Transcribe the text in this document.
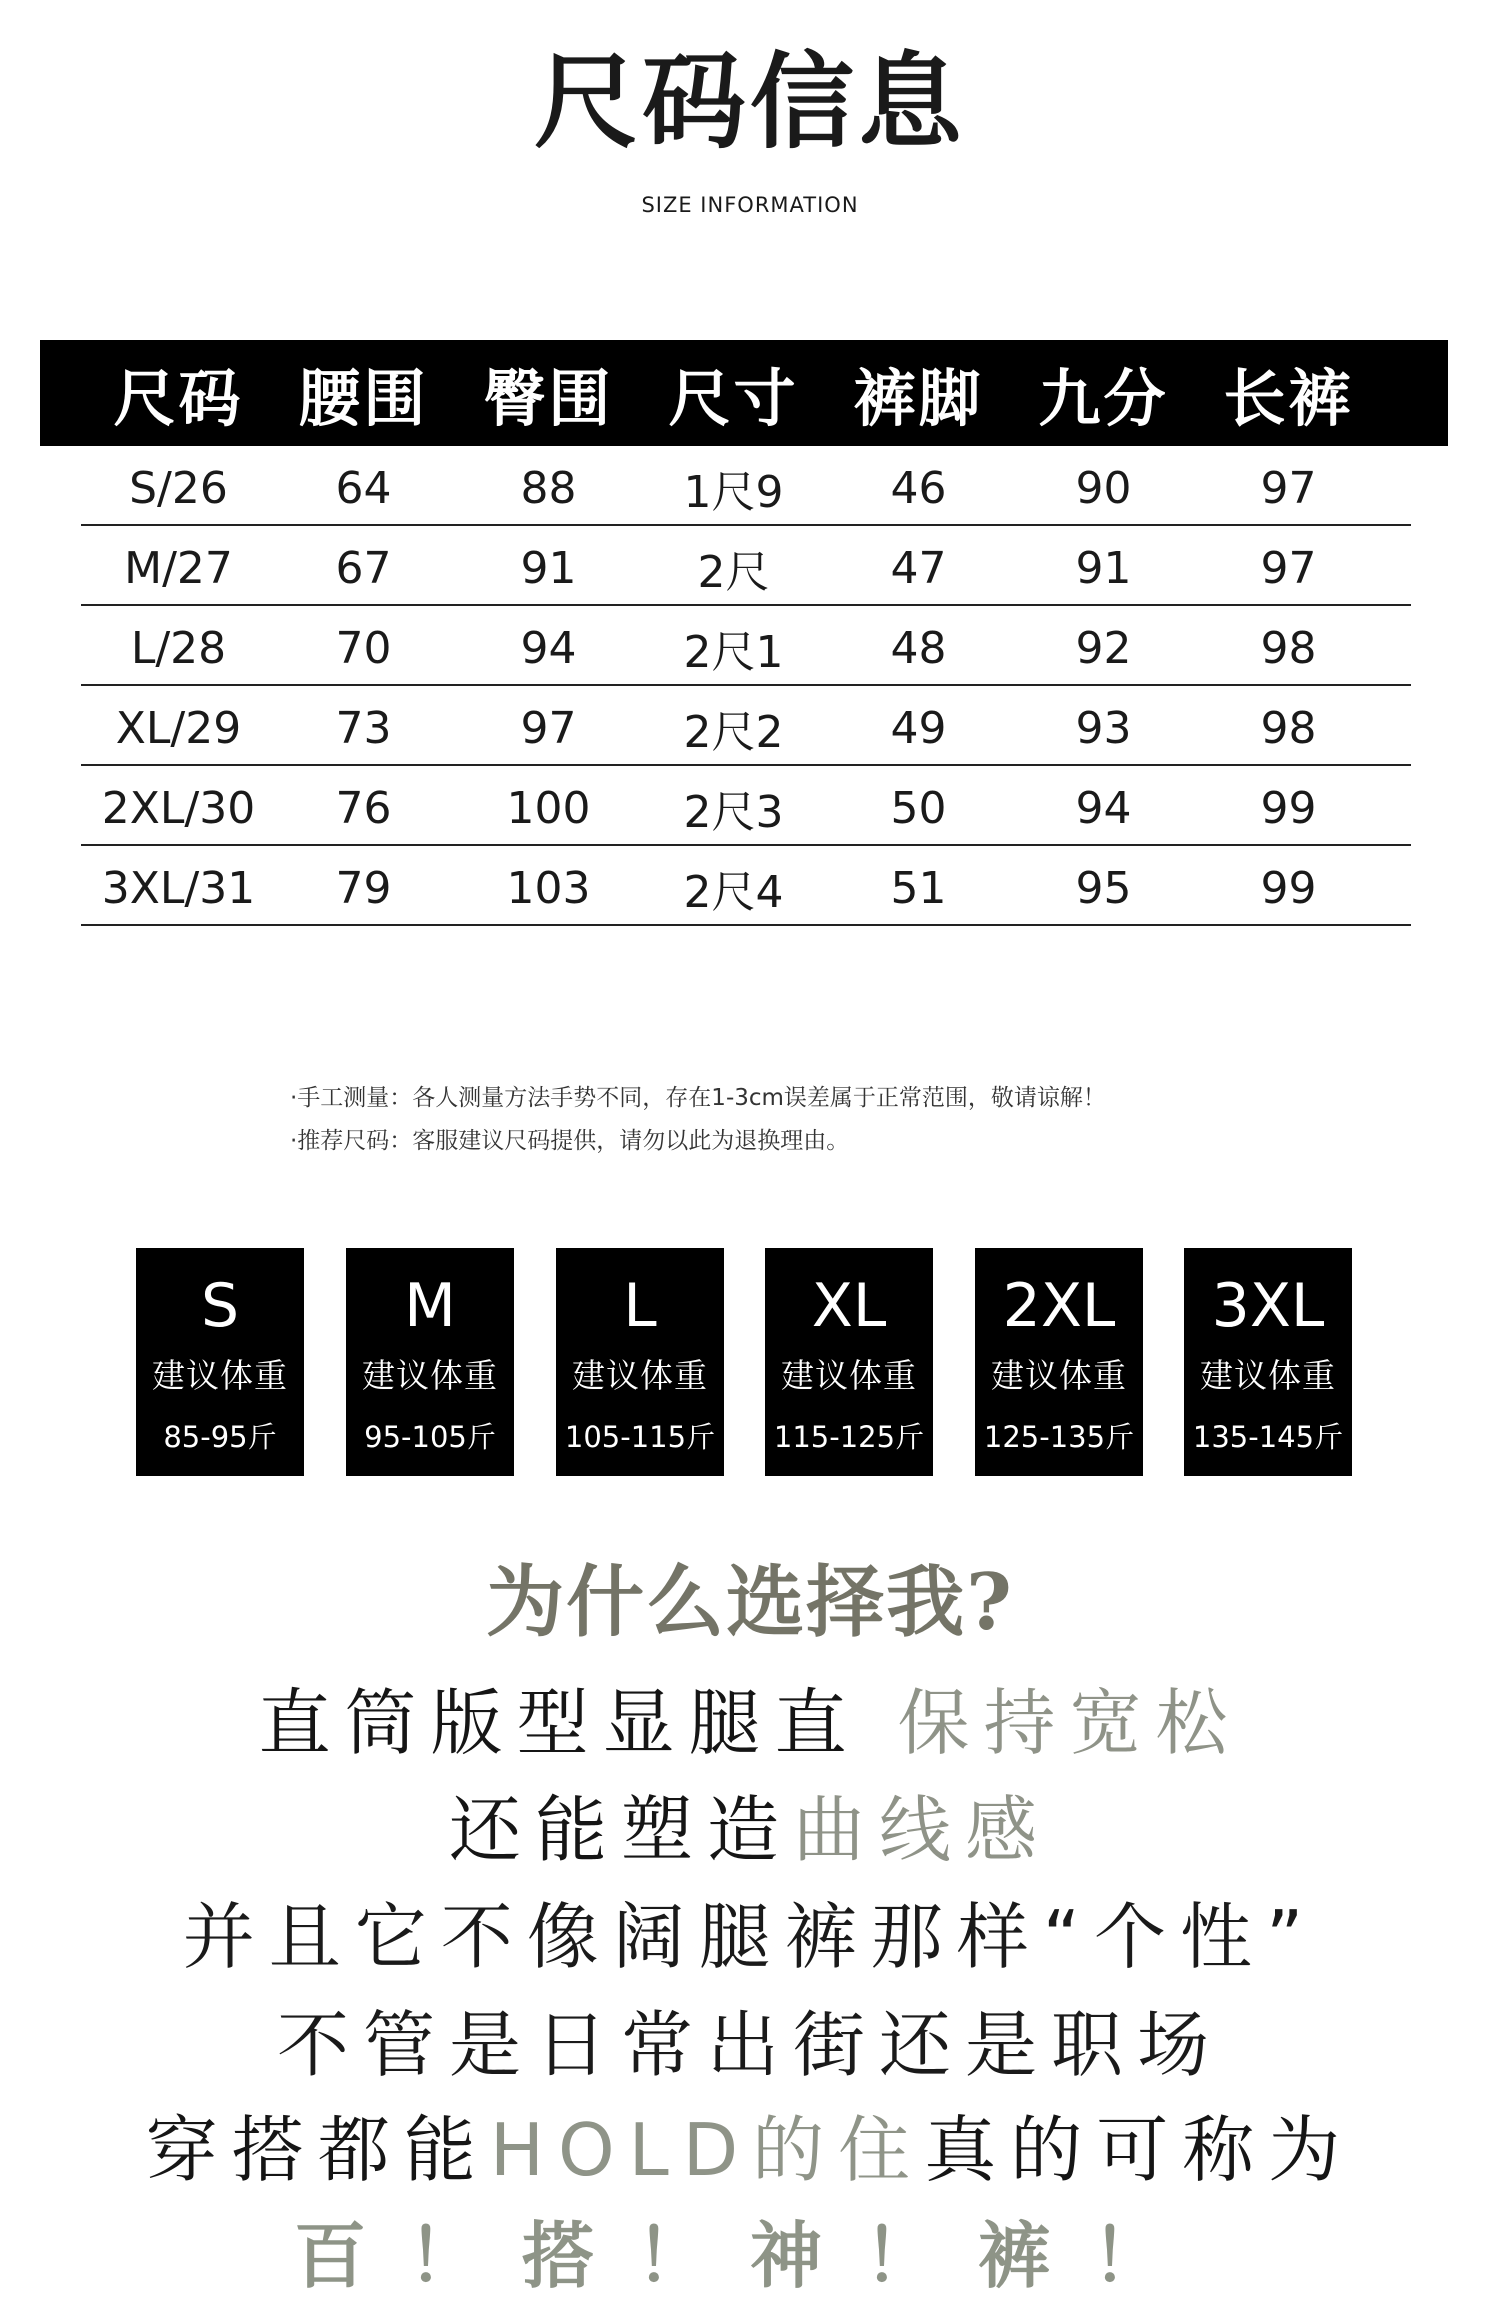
尺码信息
SIZE INFORMATION
尺码 腰围 臀围 尺寸 裤脚 九分 长裤
S/26	64	88	1尺9	46	90	97
M/27	67	91	2尺	47	91	97
L/28	70	94	2尺1	48	92	98
XL/29	73	97	2尺2	49	93	98
2XL/30	76	100	2尺3	50	94	99
3XL/31	79	103	2尺4	51	95	99
·手工测量：各人测量方法手势不同，存在1-3cm误差属于正常范围，敬请谅解！
·推荐尺码：客服建议尺码提供，请勿以此为退换理由。
S
建议体重
85-95斤
M
建议体重
95-105斤
L
建议体重
105-115斤
XL
建议体重
115-125斤
2XL
建议体重
125-135斤
3XL
建议体重
135-145斤
为什么选择我?
直筒版型显腿直 保持宽松
还能塑造曲线感
并且它不像阔腿裤那样“个性”
不管是日常出街还是职场
穿搭都能HOLD的住真的可称为
百！搭！神！裤！
